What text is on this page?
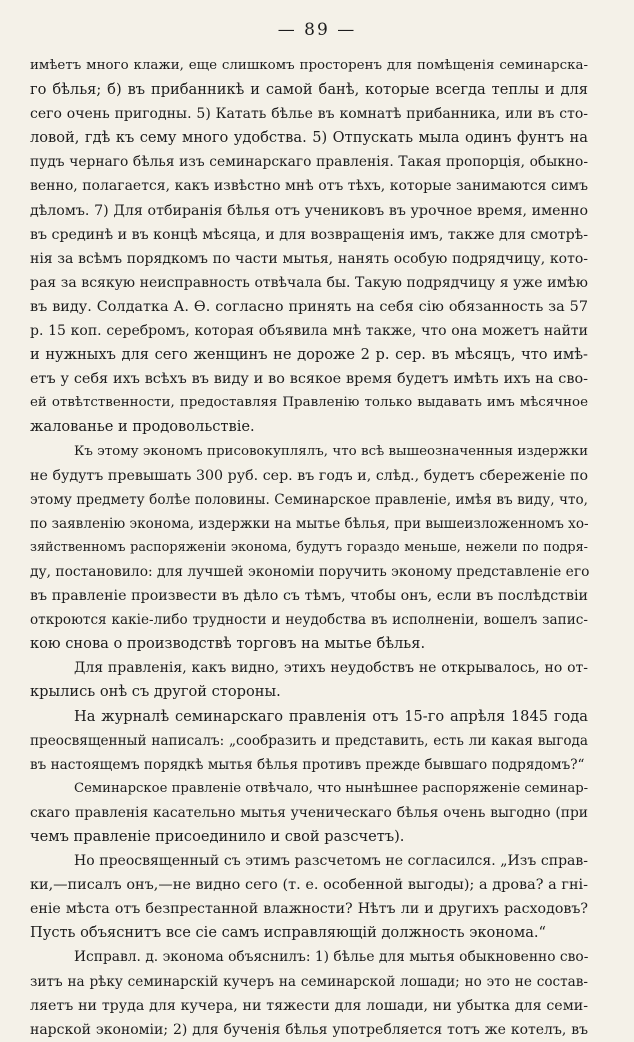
— 89 —
имѣетъ много клажи, еще слишкомъ просторенъ для помѣщенія семинарска-
го бѣлья; б) въ прибанникѣ и самой банѣ, которые всегда теплы и для
сего очень пригодны. 5) Катать бѣлье въ комнатѣ прибанника, или въ сто-
ловой, гдѣ къ сему много удобства. 5) Отпускать мыла одинъ фунтъ на
пудъ чернаго бѣлья изъ семинарскаго правленія. Такая пропорція, обыкно-
венно, полагается, какъ извѣстно мнѣ отъ тѣхъ, которые занимаются симъ
дѣломъ. 7) Для отбиранія бѣлья отъ учениковъ въ урочное время, именно
въ срединѣ и въ концѣ мѣсяца, и для возвращенія имъ, также для смотрѣ-
нія за всѣмъ порядкомъ по части мытья, нанять особую подрядчицу, кото-
рая за всякую неисправность отвѣчала бы. Такую подрядчицу я уже имѣю
въ виду. Солдатка А. Ѳ. согласно принять на себя сію обязанность за 57
р. 15 коп. серебромъ, которая объявила мнѣ также, что она можетъ найти
и нужныхъ для сего женщинъ не дороже 2 р. сер. въ мѣсяцъ, что имѣ-
етъ у себя ихъ всѣхъ въ виду и во всякое время будетъ имѣть ихъ на сво-
ей отвѣтственности, предоставляя Правленію только выдавать имъ мѣсячное
жалованье и продовольствіе.
Къ этому экономъ присовокуплялъ, что всѣ вышеозначенныя издержки
не будутъ превышать 300 руб. сер. въ годъ и, слѣд., будетъ сбереженіе по
этому предмету болѣе половины. Семинарское правленіе, имѣя въ виду, что,
по заявленію эконома, издержки на мытье бѣлья, при вышеизложенномъ хо-
зяйственномъ распоряженіи эконома, будутъ гораздо меньше, нежели по подря-
ду, постановило: для лучшей экономіи поручить эконому представленіе его
въ правленіе произвести въ дѣло съ тѣмъ, чтобы онъ, если въ послѣдствіи
откроются какіе-либо трудности и неудобства въ исполненіи, вошелъ запис-
кою снова о производствѣ торговъ на мытье бѣлья.
Для правленія, какъ видно, этихъ неудобствъ не открывалось, но от-
крылись онѣ съ другой стороны.
На журналѣ семинарскаго правленія отъ 15-го апрѣля 1845 года
преосвященный написалъ: „сообразить и представить, есть ли какая выгода
въ настоящемъ порядкѣ мытья бѣлья противъ прежде бывшаго подрядомъ?“
Семинарское правленіе отвѣчало, что нынѣшнее распоряженіе семинар-
скаго правленія касательно мытья ученическаго бѣлья очень выгодно (при
чемъ правленіе присоединило и свой разсчетъ).
Но преосвященный съ этимъ разсчетомъ не согласился. „Изъ справ-
ки,—писалъ онъ,—не видно сего (т. е. особенной выгоды); а дрова? а гні-
еніе мѣста отъ безпрестанной влажности? Нѣтъ ли и другихъ расходовъ?
Пусть объяснитъ все сіе самъ исправляющій должность эконома.“
Исправл. д. эконома объяснилъ: 1) бѣлье для мытья обыкновенно сво-
зитъ на рѣку семинарскій кучеръ на семинарской лошади; но это не состав-
ляетъ ни труда для кучера, ни тяжести для лошади, ни убытка для семи-
нарской экономіи; 2) для бученія бѣлья употребляется тотъ же котелъ, въ
